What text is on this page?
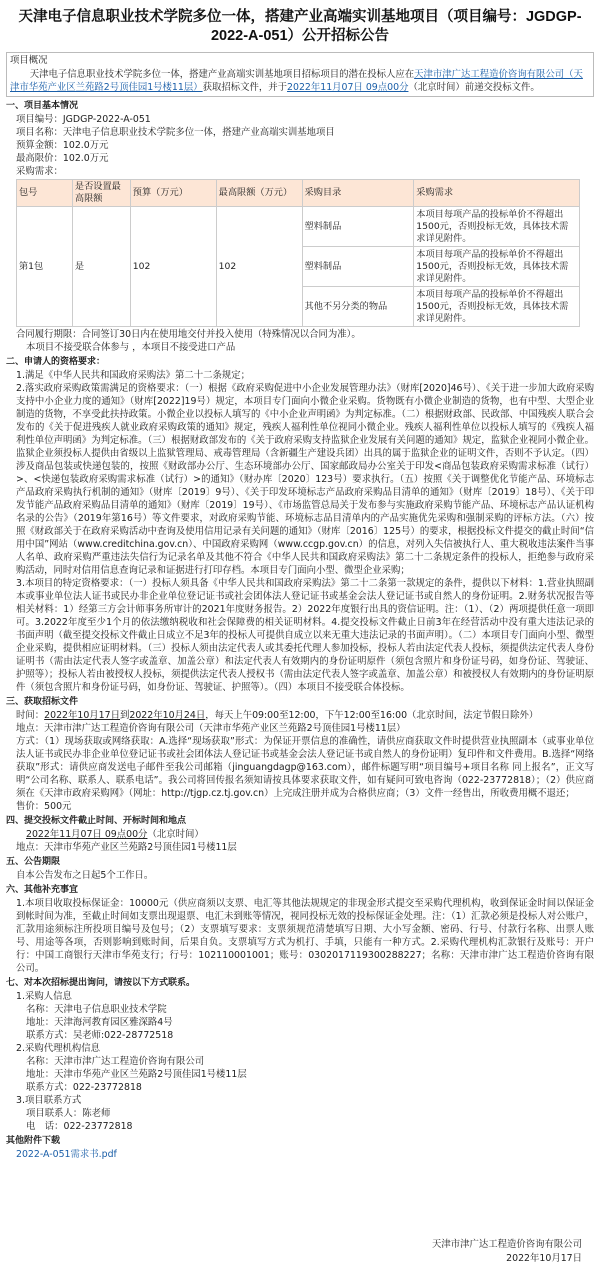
天津电子信息职业技术学院多位一体，搭建产业高端实训基地项目（项目编号：JGDGP-2022-A-051）公开招标公告
项目概况
天津电子信息职业技术学院多位一体，搭建产业高端实训基地项目招标项目的潜在投标人应在天津市津广达工程造价咨询有限公司（天津市华苑产业区兰苑路2号顶佳园1号楼11层）获取招标文件，并于2022年11月07日 09点00分（北京时间）前递交投标文件。
一、项目基本情况
项目编号：JGDGP-2022-A-051
项目名称：天津电子信息职业技术学院多位一体，搭建产业高端实训基地项目
预算金额：102.0万元
最高限价：102.0万元
采购需求：
包号	是否设置最高限额	预算（万元）	最高限额（万元）	采购目录	采购需求
第1包	是	102	102	塑料制品	本项目每项产品的投标单价不得超出1500元，否则投标无效，具体技术需求详见附件。
				塑料制品	本项目每项产品的投标单价不得超出1500元，否则投标无效，具体技术需求详见附件。
				其他不另分类的物品	本项目每项产品的投标单价不得超出1500元，否则投标无效，具体技术需求详见附件。
合同履行期限：合同签订30日内在使用地交付并投入使用（特殊情况以合同为准）。
本项目不接受联合体参与 ，本项目不接受进口产品
二、申请人的资格要求：
1.满足《中华人民共和国政府采购法》第二十二条规定；
2.落实政府采购政策需满足的资格要求：（一）根据《政府采购促进中小企业发展管理办法》（财库[2020]46号）、《关于进一步加大政府采购支持中小企业力度的通知》（财库[2022]19号）规定，本项目专门面向小微企业采购。货物既有小微企业制造的货物，也有中型、大型企业制造的货物，不享受此扶持政策。小微企业以投标人填写的《中小企业声明函》为判定标准。（二）根据财政部、民政部、中国残疾人联合会发布的《关于促进残疾人就业政府采购政策的通知》规定，残疾人福利性单位视同小微企业。残疾人福利性单位以投标人填写的《残疾人福利性单位声明函》为判定标准。（三）根据财政部发布的《关于政府采购支持监狱企业发展有关问题的通知》规定，监狱企业视同小微企业。监狱企业须投标人提供由省级以上监狱管理局、戒毒管理局（含新疆生产建设兵团）出具的属于监狱企业的证明文件，否则不予认定。（四）涉及商品包装或快递包装的，按照《财政部办公厅、生态环境部办公厅、国家邮政局办公室关于印发<商品包装政府采购需求标准（试行）>、<快递包装政府采购需求标准（试行）>的通知》（财办库〔2020〕123号）要求执行。（五）按照《关于调整优化节能产品、环境标志产品政府采购执行机制的通知》（财库〔2019〕9号）、《关于印发环境标志产品政府采购品目清单的通知》（财库〔2019〕18号）、《关于印发节能产品政府采购品目清单的通知》（财库〔2019〕19号）、《市场监管总局关于发布参与实施政府采购节能产品、环境标志产品认证机构名录的公告》（2019年第16号）等文件要求，对政府采购节能、环境标志品目清单内的产品实施优先采购和强制采购的评标方法。（六）按照《财政部关于在政府采购活动中查询及使用信用记录有关问题的通知》（财库〔2016〕125号）的要求，根据投标文件提交的截止时间“信用中国”网站（www.creditchina.gov.cn）、中国政府采购网（www.ccgp.gov.cn）的信息，对列入失信被执行人、重大税收违法案件当事人名单、政府采购严重违法失信行为记录名单及其他不符合《中华人民共和国政府采购法》第二十二条规定条件的投标人，拒绝参与政府采购活动，同时对信用信息查询记录和证据进行打印存档。本项目专门面向小型、微型企业采购；
3.本项目的特定资格要求：（一）投标人须具备《中华人民共和国政府采购法》第二十二条第一款规定的条件，提供以下材料：1.营业执照副本或事业单位法人证书或民办非企业单位登记证书或社会团体法人登记证书或基金会法人登记证书或自然人的身份证明。2.财务状况报告等相关材料：1）经第三方会计师事务所审计的2021年度财务报告。2）2022年度银行出具的资信证明。注：（1）、（2）两项提供任意一项即可。3.2022年度至少1个月的依法缴纳税收和社会保障费的相关证明材料。4.提交投标文件截止日前3年在经营活动中没有重大违法记录的书面声明（截至提交投标文件截止日成立不足3年的投标人可提供自成立以来无重大违法记录的书面声明）。（二）本项目专门面向小型、微型企业采购，提供相应证明材料。（三）投标人须由法定代表人或其委托代理人参加投标，投标人若由法定代表人投标，须提供法定代表人身份证明书（需由法定代表人签字或盖章、加盖公章）和法定代表人有效期内的身份证明原件（须包含照片和身份证号码，如身份证、驾驶证、护照等）；投标人若由被授权人投标，须提供法定代表人授权书（需由法定代表人签字或盖章、加盖公章）和被授权人有效期内的身份证明原件（须包含照片和身份证号码，如身份证、驾驶证、护照等）。（四）本项目不接受联合体投标。
三、获取招标文件
时间：2022年10月17日到2022年10月24日，每天上午09:00至12:00，下午12:00至16:00（北京时间，法定节假日除外）
地点：天津市津广达工程造价咨询有限公司（天津市华苑产业区兰苑路2号顶佳园1号楼11层）
方式：（1）现场获取或网络获取：A.选择“现场获取”形式：为保证开票信息的准确性，请供应商获取文件时提供营业执照副本（或事业单位法人证书或民办非企业单位登记证书或社会团体法人登记证书或基金会法人登记证书或自然人的身份证明）复印件和文件费用。B.选择“网络获取”形式：请供应商发送电子邮件至我公司邮箱（jinguangdagp@163.com），邮件标题写明“项目编号+项目名称 同上报名”，正文写明“公司名称、联系人、联系电话”。我公司将回传报名须知请按具体要求获取文件，如有疑问可致电咨询（022-23772818）；（2）供应商须在《天津市政府采购网》（网址：http://tjgp.cz.tj.gov.cn）上完成注册并成为合格供应商；（3）文件一经售出，所收费用概不退还；
售价：500元
四、提交投标文件截止时间、开标时间和地点
2022年11月07日 09点00分（北京时间）
地点：天津市华苑产业区兰苑路2号顶佳园1号楼11层
五、公告期限
自本公告发布之日起5个工作日。
六、其他补充事宜
1.本项目收取投标保证金：10000元（供应商须以支票、电汇等其他法规规定的非现金形式提交至采购代理机构，收到保证金时间以保证金到帐时间为准，至截止时间如支票出现退票、电汇未到账等情况，视同投标无效的投标保证金处理。注：（1）汇款必须是投标人对公账户，汇款用途须标注所投项目编号及包号；（2）支票填写要求：支票须规范清楚填写日期、大小写金额、密码、行号、付款行名称、出票人账号、用途等各项，否则影响到账时间，后果自负。支票填写方式为机打、手填，只能有一种方式。2.采购代理机构汇款银行及账号：开户行：中国工商银行天津市华苑支行；行号：102110001001；账号：0302017119300288227；名称：天津市津广达工程造价咨询有限公司。
七、对本次招标提出询问，请按以下方式联系。
1.采购人信息
名称：天津电子信息职业技术学院
地址：天津海河教育园区雅深路4号
联系方式：吴老师:022-28772518
2.采购代理机构信息
名称：天津市津广达工程造价咨询有限公司
地址：天津市华苑产业区兰苑路2号顶佳园1号楼11层
联系方式：022-23772818
3.项目联系方式
项目联系人：陈老师
电　话：022-23772818
其他附件下载
2022-A-051需求书.pdf
天津市津广达工程造价咨询有限公司
2022年10月17日
